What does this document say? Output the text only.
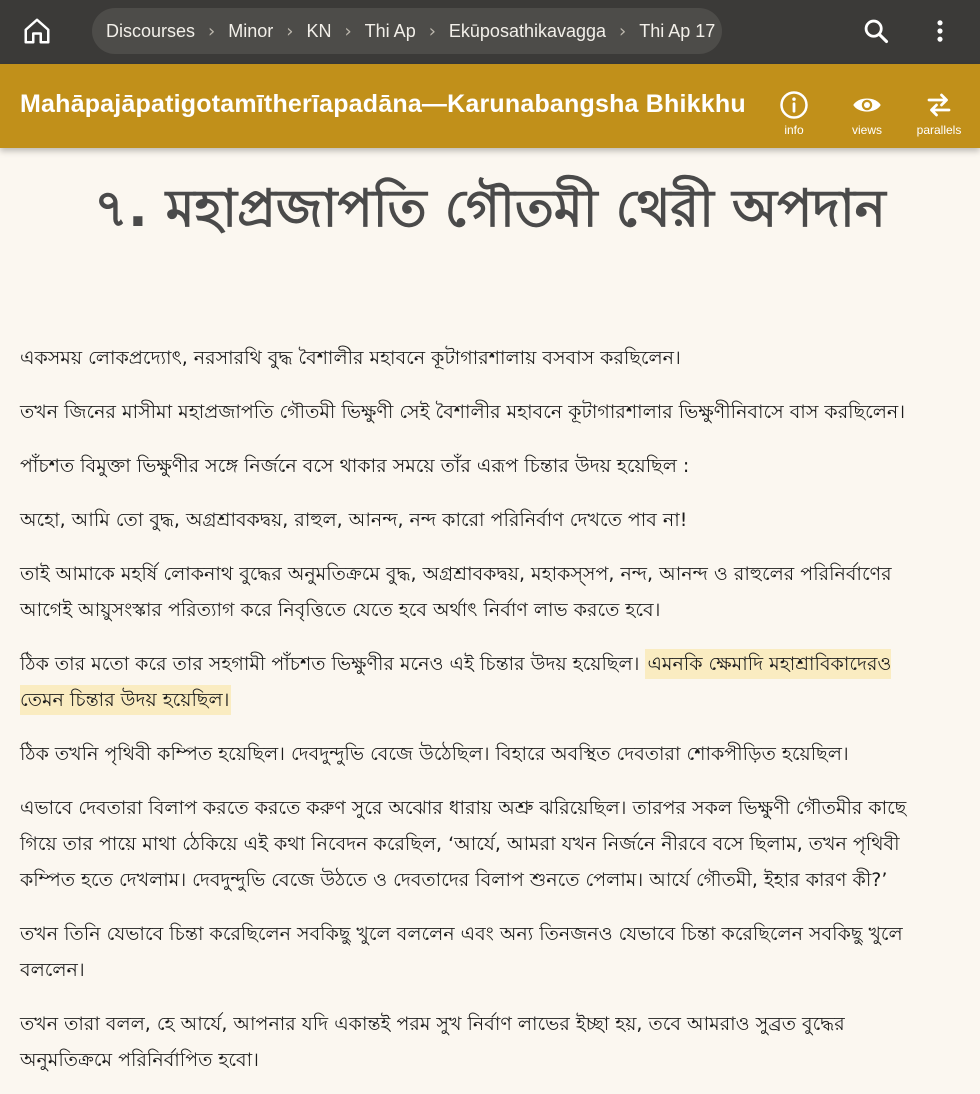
Discourses › Minor › KN › Thi Ap › Ekūposathikavagga › Thi Ap 17
Mahāpajāpatigotamītherīapadāna—Karunabangsha Bhikkhu
info	views	parallels
৭. মহাপ্রজাপতি গৌতমী থেরী অপদান

একসময় লোকপ্রদ্যোৎ, নরসারথি বুদ্ধ বৈশালীর মহাবনে কূটাগারশালায় বসবাস করছিলেন।

তখন জিনের মাসীমা মহাপ্রজাপতি গৌতমী ভিক্ষুণী সেই বৈশালীর মহাবনে কূটাগারশালার ভিক্ষুণীনিবাসে বাস করছিলেন।

পাঁচশত বিমুক্তা ভিক্ষুণীর সঙ্গে নির্জনে বসে থাকার সময়ে তাঁর এরূপ চিন্তার উদয় হয়েছিল :

অহো, আমি তো বুদ্ধ, অগ্রশ্রাবকদ্বয়, রাহুল, আনন্দ, নন্দ কারো পরিনির্বাণ দেখতে পাব না!

তাই আমাকে মহর্ষি লোকনাথ বুদ্ধের অনুমতিক্রমে বুদ্ধ, অগ্রশ্রাবকদ্বয়, মহাকস্সপ, নন্দ, আনন্দ ও রাহুলের পরিনির্বাণের আগেই আয়ুসংস্কার পরিত্যাগ করে নিবৃত্তিতে যেতে হবে অর্থাৎ নির্বাণ লাভ করতে হবে।

ঠিক তার মতো করে তার সহগামী পাঁচশত ভিক্ষুণীর মনেও এই চিন্তার উদয় হয়েছিল। এমনকি ক্ষেমাদি মহাশ্রাবিকাদেরও তেমন চিন্তার উদয় হয়েছিল।

ঠিক তখনি পৃথিবী কম্পিত হয়েছিল। দেবদুন্দুভি বেজে উঠেছিল। বিহারে অবস্থিত দেবতারা শোকপীড়িত হয়েছিল।

এভাবে দেবতারা বিলাপ করতে করতে করুণ সুরে অঝোর ধারায় অশ্রু ঝরিয়েছিল। তারপর সকল ভিক্ষুণী গৌতমীর কাছে গিয়ে তার পায়ে মাথা ঠেকিয়ে এই কথা নিবেদন করেছিল, ‘আর্যে, আমরা যখন নির্জনে নীরবে বসে ছিলাম, তখন পৃথিবী কম্পিত হতে দেখলাম। দেবদুন্দুভি বেজে উঠতে ও দেবতাদের বিলাপ শুনতে পেলাম। আর্যে গৌতমী, ইহার কারণ কী?’

তখন তিনি যেভাবে চিন্তা করেছিলেন সবকিছু খুলে বললেন এবং অন্য তিনজনও যেভাবে চিন্তা করেছিলেন সবকিছু খুলে বললেন।

তখন তারা বলল, হে আর্যে, আপনার যদি একান্তই পরম সুখ নির্বাণ লাভের ইচ্ছা হয়, তবে আমরাও সুব্রত বুদ্ধের অনুমতিক্রমে পরিনির্বাপিত হবো।
